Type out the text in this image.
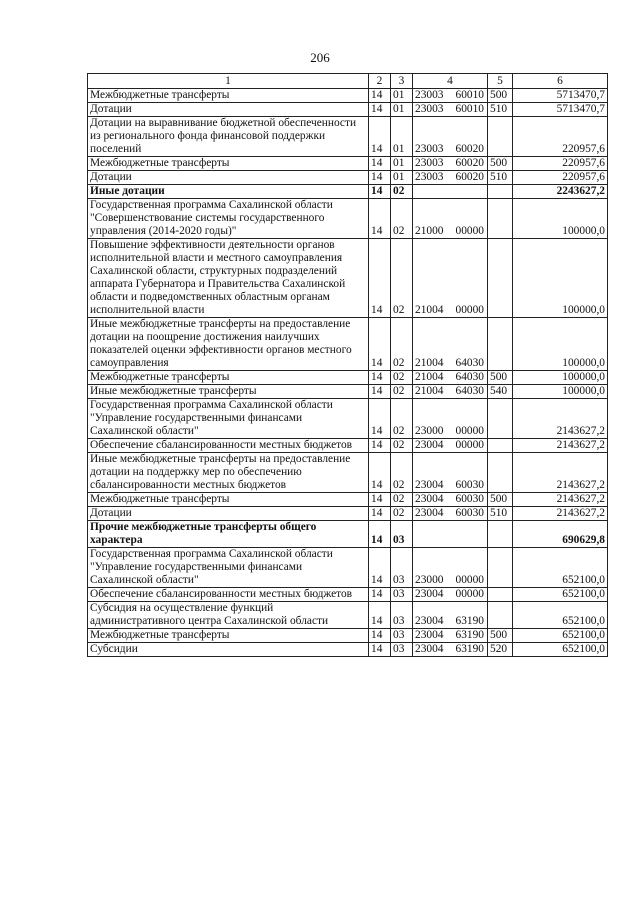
206
1	2	3	4	5	6
Межбюджетные трансферты	14	01	23003 60010	500	5713470,7
Дотации	14	01	23003 60010	510	5713470,7
Дотации на выравнивание бюджетной обеспеченности из регионального фонда финансовой поддержки поселений	14	01	23003 60020		220957,6
Межбюджетные трансферты	14	01	23003 60020	500	220957,6
Дотации	14	01	23003 60020	510	220957,6
Иные дотации	14	02			2243627,2
Государственная программа Сахалинской области "Совершенствование системы государственного управления (2014-2020 годы)"	14	02	21000 00000		100000,0
Повышение эффективности деятельности органов исполнительной власти и местного самоуправления Сахалинской области, структурных подразделений аппарата Губернатора и Правительства Сахалинской области и подведомственных областным органам исполнительной власти	14	02	21004 00000		100000,0
Иные межбюджетные трансферты на предоставление дотации на поощрение достижения наилучших показателей оценки эффективности органов местного самоуправления	14	02	21004 64030		100000,0
Межбюджетные трансферты	14	02	21004 64030	500	100000,0
Иные межбюджетные трансферты	14	02	21004 64030	540	100000,0
Государственная программа Сахалинской области "Управление государственными финансами Сахалинской области"	14	02	23000 00000		2143627,2
Обеспечение сбалансированности местных бюджетов	14	02	23004 00000		2143627,2
Иные межбюджетные трансферты на предоставление дотации на поддержку мер по обеспечению сбалансированности местных бюджетов	14	02	23004 60030		2143627,2
Межбюджетные трансферты	14	02	23004 60030	500	2143627,2
Дотации	14	02	23004 60030	510	2143627,2
Прочие межбюджетные трансферты общего характера	14	03			690629,8
Государственная программа Сахалинской области "Управление государственными финансами Сахалинской области"	14	03	23000 00000		652100,0
Обеспечение сбалансированности местных бюджетов	14	03	23004 00000		652100,0
Субсидия на осуществление функций административного центра Сахалинской области	14	03	23004 63190		652100,0
Межбюджетные трансферты	14	03	23004 63190	500	652100,0
Субсидии	14	03	23004 63190	520	652100,0
